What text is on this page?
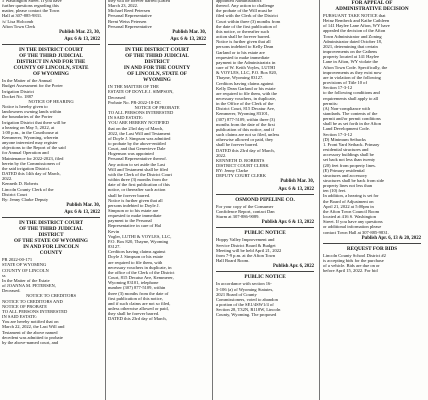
5 Washington Street. If you have

further questions regarding this

matter, please contact the Town

Hall at 307-885-9831.

/s/ Lisa Holcomb

Afton Town Clerk

Publish Mar. 23, 30,

Apr. 6 & 13, 2022

IN THE DISTRICT COURT
OF THE THIRD JUDICIAL
DISTRICT IN AND FOR THE
COUNTY OF LINCOLN, STATE
OF WYOMING

In the Matter of the Annual

Budget Assessment for the Porter

Irrigation District

Docket No. 1887

NOTICE OF HEARING

Notice is hereby given to

landowners owning lands within

the boundaries of the Porter

Irrigation District that there will be

a hearing on May 5, 2022, at

1:00 p.m., in the Courthouse at

Kemmerer, Wyoming, wherein

anyone interested may register

objections to the Report of the said

for Annual Operation and

Maintenance for 2022-2023, filed

herein by the Commissioners of

the said irrigation District.

DATED this 14th day of March,

2022.

Kenneth D. Roberts

Lincoln County Clerk of the

District Court

By: Jenny Clarke Deputy

Publish Mar. 30,

Apr. 6 & 13, 2022

IN THE DISTRICT COURT
OF THE THIRD JUDICIAL
DISTRICT
OF THE STATE OF WYOMING
IN AND FOR LINCOLN
COUNTY

PR 2022-00-171

STATE OF WYOMING

COUNTY OF LINCOLN

ss

In the Matter of the Estate

of JOANNA M. PETERSEN,

Deceased.

NOTICE TO CREDITORS

NOTICE TO CREDITORS AND

NOTICE OF PROBATE

TO ALL PERSONS INTERESTED

IN SAID ESTATE:

You are hereby notified that on

March 22, 2022, the Last Will and

Testament of the above named

decedent was admitted to probate

by the above-named court, and

they will be forever barred (Dated

March 23, 2022.

Michael Reed Petersen

Personal Representative

Brent Weiss Petersen

Personal Representative

Publish Mar. 30,

Apr. 6 & 13, 2022

IN THE DISTRICT COURT
OF THE THIRD JUDICIAL
DISTRICT
IN AND FOR THE COUNTY
OF LINCOLN, STATE OF
WYOMING

IN THE MATTER OF THE

ESTATE OF DOYLE J. SIMPSON,

Deceased

Probate No. PR-2022-18-DC

NOTICE OF PROBATE

TO ALL PERSONS INTERESTED

IN SAID ESTATE:

YOU ARE HEREBY NOTIFIED

that on the 23rd day of March,

2022, the Last Will and Testament

of Doyle J. Simpson was admitted

to probate by the above-entitled

Court, and that Genevieve Dale

Hogenson was appointed

Personal Representative thereof.

Any action to set aside the Last

Will and Testament shall be filed

with the Clerk of the District Court

within three (3) months from the

date of the first publication of this

notice, or thereafter such action

shall be forever barred.

Notice is further given that all

persons indebted to Doyle J.

Simpson or to his estate are

requested to make immediate

payment to the Personal

Representative in care of Hal

Kevin

Vogler, LUTHI & VOYLES, LLC,

P.O. Box 820, Thayne, Wyoming

83127.

Creditors having claims against

Doyle J. Simpson or his estate

are required to file them, with

necessary vouchers in duplicate, in

the office of the Clerk of the District

Court, 815 Decatur Ave, Kemmerer,

Wyoming 83101, telephone

number (307) 877-5109, within

three (3) months from the date of

first publication of this notice,

and if such claims are not so filed,

unless otherwise allowed or paid,

they shall be forever barred.

DATED this 23rd day of March,

appointed Administratrix

thereof. Any action to challenge

the probate of the Will must be

filed with the Clerk of the District

Court within three (3) months from

the date of the first publication of

this notice, or thereafter such

action shall be forever barred.

Notice is further given that all

persons indebted to Kelly Dean

Garland or to his estate are

requested to make immediate

payment to the Administratrix in

care of W. Keith Voyles, LUTHI

& VOYLES, LLC, P.O. Box 820,

Thayne, Wyoming 83127.

Creditors having claims against

Kelly Dean Garland or his estate

are required to file them, with the

necessary vouchers, in duplicate,

in the Office of the Clerk of the

District Court, 815 Decatur Ave,

Kemmerer, Wyoming 83101,

(307) 877-5109, within three (3)

months from the date of the first

publication of this notice, and if

such claims are not so filed, unless

otherwise allowed or paid, they

shall be forever barred.

DATED this 23rd day of March,

2022.

KENNETH D. ROBERTS

DISTRICT COURT CLERK

BY: Jenny Clarke

DEPUTY COURT CLERK

Publish Mar. 30,

Apr. 6 & 13, 2022

OSMOND PIPELINE CO.

For your copy of the Consumer

Confidence Report, contact Dan

Sturm at 307-886-9089.

Publish Apr. 6 & 13, 2022

PUBLIC NOTICE

Hoppy Valley Improvement and

Service District Board & Budget

Meeting will be held April 21, 2022

from 7-9 p.m. at the Afton Town

Hall Board Room.

Publish Apr. 6, 2022

PUBLIC NOTICE

In accordance with section 16-

5-106 (a) of Wyoming Statutes,

2021 Board of County

Commissioners, voted to abandon

a portion of the SE1/4SW1/4 of

Section 28, T32N, R118W, Lincoln

County, Wyoming. The proposed

FOR APPEAL OF
ADMINISTRATIVE DECISION

PURSUANT TAKE NOTICE that

Heinz Rembeck and Kathe Cathleen

of 141 Haylee Lane Afton, WY have

appealed the decision of the Afton

Town Administrator and Zoning

Administrator dated October 18,

2021, determining that certain

improvements on the Cathens

property located at 141 Haylee

Lane in Afton, WY violate the

Afton Town Code. Specifically, the

improvements as they exist now

are in violation of the following

provisions of Title 10 of

Section 17-3-12

to the following conditions and

requirements shall apply to all

permits:

(A) Non-compliance with

standards. The contents of the

permit and/or permit conditions

shall be as set forth in the Afton

Land Development Code.

Section 17-3-12

(D) Minimum Setbacks

1. Front Yard Setback. Primary

residential structures and

accessory buildings shall be

set back not less than twenty

(20) feet from property lines.

(E) Primary residential

structures and accessory

structures shall be back from side

property lines not less than

ten (10) feet.

In addition, a hearing is set for

the Board of Adjustment on

April 21, 2022 at 5:00pm in

the Afton Town Council Room

located at 416 S. Washington

Street. If you have any questions

or additional information please

contact Town Hall at 307-885-9831.

Publish Apr. 6, 13 & 20, 2022

REQUEST FOR BIDS

Lincoln County School District #2

is accepting bids for the purchase

of a vehicle. Bids are due on or

before April 15, 2022. For bid
